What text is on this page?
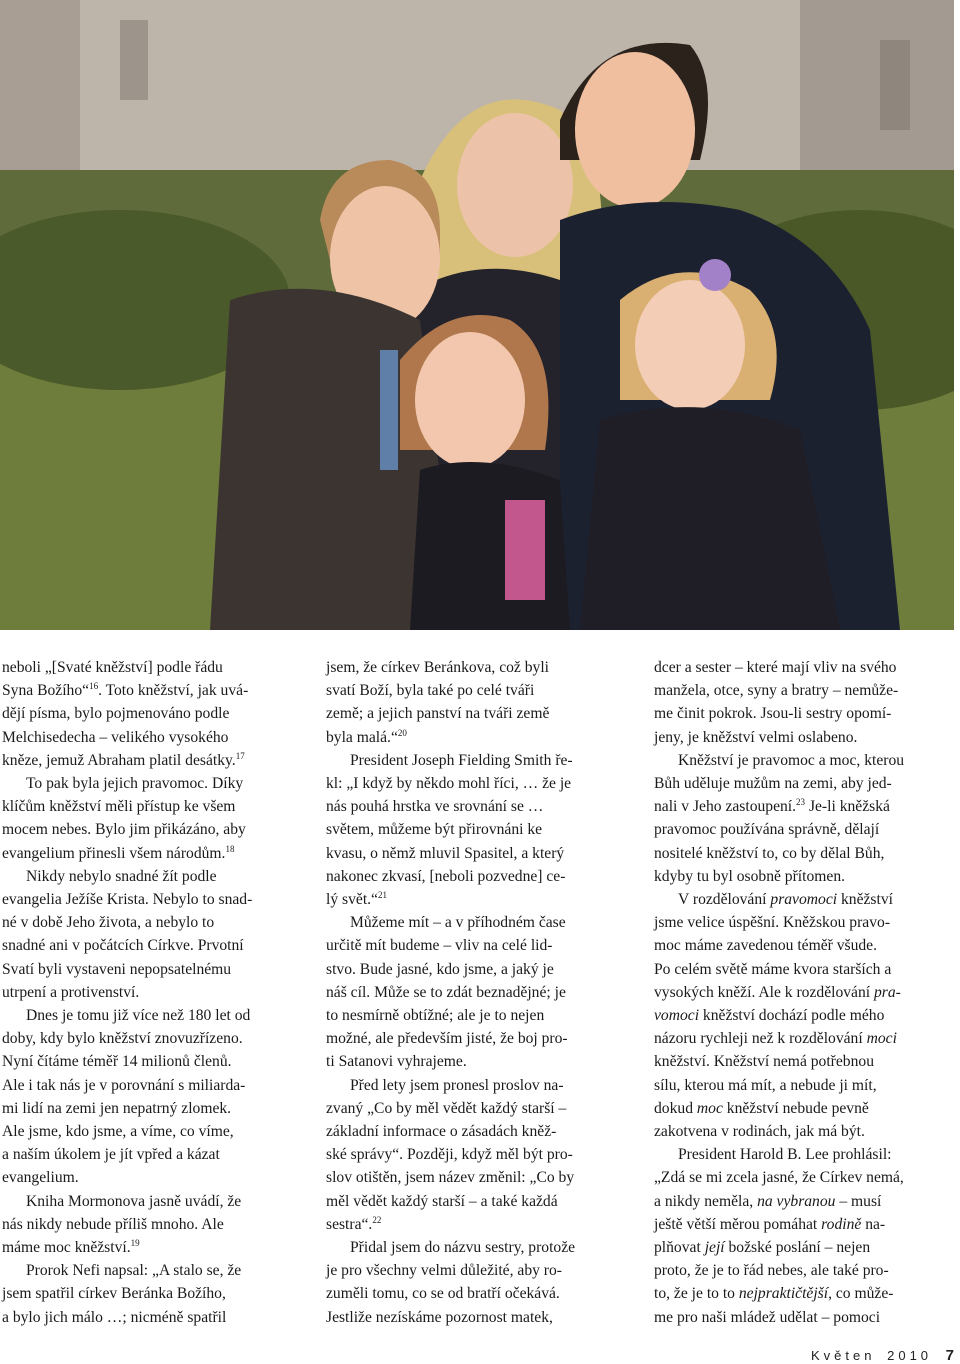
neboli „[Svaté kněžství] podle řádu

Syna Božího“$^{16}$. Toto kněžství, jak uvá-

dějí písma, bylo pojmenováno podle

Melchisedecha – velikého vysokého

kněze, jemuž Abraham platil desátky.$^{17}$

To pak byla jejich pravomoc. Díky

klíčům kněžství měli přístup ke všem

mocem nebes. Bylo jim přikázáno, aby

evangelium přinesli všem národům.$^{18}$

Nikdy nebylo snadné žít podle

evangelia Ježíše Krista. Nebylo to snad-

né v době Jeho života, a nebylo to

snadné ani v počátcích Církve. Prvotní

Svatí byli vystaveni nepopsatelnému

utrpení a protivenství.

Dnes je tomu již více než 180 let od

doby, kdy bylo kněžství znovuzřízeno.

Nyní čítáme téměř 14 milionů členů.

Ale i tak nás je v porovnání s miliarda-

mi lidí na zemi jen nepatrný zlomek.

Ale jsme, kdo jsme, a víme, co víme,

a naším úkolem je jít vpřed a kázat

evangelium.

Kniha Mormonova jasně uvádí, že

nás nikdy nebude příliš mnoho. Ale

máme moc kněžství.$^{19}$

Prorok Nefi napsal: „A stalo se, že

jsem spatřil církev Beránka Božího,

a bylo jich málo …; nicméně spatřil

jsem, že církev Beránkova, což byli

svatí Boží, byla také po celé tváři

země; a jejich panství na tváři země

byla malá.“$^{20}$

President Joseph Fielding Smith ře-

kl: „I když by někdo mohl říci, … že je

nás pouhá hrstka ve srovnání se …

světem, můžeme být přirovnáni ke

kvasu, o němž mluvil Spasitel, a který

nakonec zkvasí, [neboli pozvedne] ce-

lý svět.“$^{21}$

Můžeme mít – a v příhodném čase

určitě mít budeme – vliv na celé lid-

stvo. Bude jasné, kdo jsme, a jaký je

náš cíl. Může se to zdát beznadějné; je

to nesmírně obtížné; ale je to nejen

možné, ale především jisté, že boj pro-

ti Satanovi vyhrajeme.

Před lety jsem pronesl proslov na-

zvaný „Co by měl vědět každý starší –

základní informace o zásadách kněž-

ské správy“. Později, když měl být pro-

slov otištěn, jsem název změnil: „Co by

měl vědět každý starší – a také každá

sestra“.$^{22}$

Přidal jsem do názvu sestry, protože

je pro všechny velmi důležité, aby ro-

zuměli tomu, co se od bratří očekává.

Jestliže nezískáme pozornost matek,

dcer a sester – které mají vliv na svého

manžela, otce, syny a bratry – nemůže-

me činit pokrok. Jsou-li sestry opomí-

jeny, je kněžství velmi oslabeno.

Kněžství je pravomoc a moc, kterou

Bůh uděluje mužům na zemi, aby jed-

nali v Jeho zastoupení.$^{23}$ Je-li kněžská

pravomoc používána správně, dělají

nositelé kněžství to, co by dělal Bůh,

kdyby tu byl osobně přítomen.

V rozdělování pravomoci kněžství

jsme velice úspěšní. Kněžskou pravo-

moc máme zavedenou téměř všude.

Po celém světě máme kvora starších a

vysokých kněží. Ale k rozdělování pra-

vomoci kněžství dochází podle mého

názoru rychleji než k rozdělování moci

kněžství. Kněžství nemá potřebnou

sílu, kterou má mít, a nebude ji mít,

dokud moc kněžství nebude pevně

zakotvena v rodinách, jak má být.

President Harold B. Lee prohlásil:

„Zdá se mi zcela jasné, že Církev nemá,

a nikdy neměla, na vybranou – musí

ještě větší měrou pomáhat rodině na-

plňovat její božské poslání – nejen

proto, že je to řád nebes, ale také pro-

to, že je to to nejpraktičtější, co může-

me pro naši mládež udělat – pomoci

Květen 2010 7
